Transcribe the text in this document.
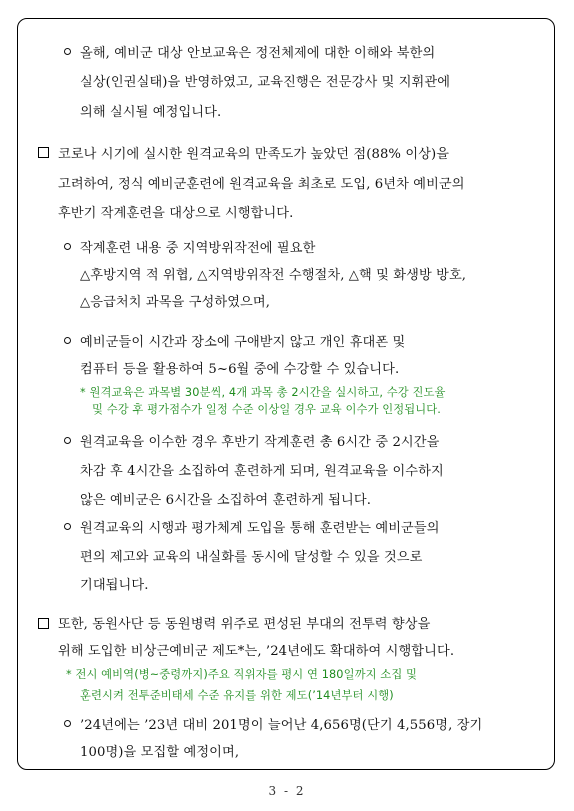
올해, 예비군 대상 안보교육은 정전체제에 대한 이해와 북한의
실상(인권실태)을 반영하였고, 교육진행은 전문강사 및 지휘관에
의해 실시될 예정입니다.
코로나 시기에 실시한 원격교육의 만족도가 높았던 점(88% 이상)을
고려하여, 정식 예비군훈련에 원격교육을 최초로 도입, 6년차 예비군의
후반기 작계훈련을 대상으로 시행합니다.
작계훈련 내용 중 지역방위작전에 필요한
△후방지역 적 위협, △지역방위작전 수행절차, △핵 및 화생방 방호,
△응급처치 과목을 구성하였으며,
예비군들이 시간과 장소에 구애받지 않고 개인 휴대폰 및
컴퓨터 등을 활용하여 5~6월 중에 수강할 수 있습니다.
* 원격교육은 과목별 30분씩, 4개 과목 총 2시간을 실시하고, 수강 진도율
및 수강 후 평가점수가 일정 수준 이상일 경우 교육 이수가 인정됩니다.
원격교육을 이수한 경우 후반기 작계훈련 총 6시간 중 2시간을
차감 후 4시간을 소집하여 훈련하게 되며, 원격교육을 이수하지
않은 예비군은 6시간을 소집하여 훈련하게 됩니다.
원격교육의 시행과 평가체계 도입을 통해 훈련받는 예비군들의
편의 제고와 교육의 내실화를 동시에 달성할 수 있을 것으로
기대됩니다.
또한, 동원사단 등 동원병력 위주로 편성된 부대의 전투력 향상을
위해 도입한 비상근예비군 제도*는, ’24년에도 확대하여 시행합니다.
* 전시 예비역(병~중령까지)주요 직위자를 평시 연 180일까지 소집 및
훈련시켜 전투준비태세 수준 유지를 위한 제도(’14년부터 시행)
’24년에는 ’23년 대비 201명이 늘어난 4,656명(단기 4,556명, 장기
100명)을 모집할 예정이며,
3 - 2
